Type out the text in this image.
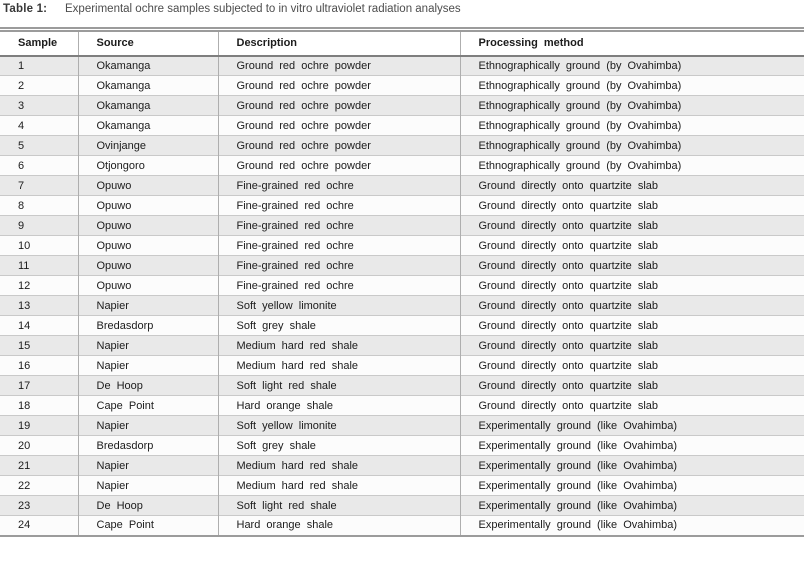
Table 1:	Experimental ochre samples subjected to in vitro ultraviolet radiation analyses
Sample	Source	Description	Processing method
1	Okamanga	Ground red ochre powder	Ethnographically ground (by Ovahimba)
2	Okamanga	Ground red ochre powder	Ethnographically ground (by Ovahimba)
3	Okamanga	Ground red ochre powder	Ethnographically ground (by Ovahimba)
4	Okamanga	Ground red ochre powder	Ethnographically ground (by Ovahimba)
5	Ovinjange	Ground red ochre powder	Ethnographically ground (by Ovahimba)
6	Otjongoro	Ground red ochre powder	Ethnographically ground (by Ovahimba)
7	Opuwo	Fine-grained red ochre	Ground directly onto quartzite slab
8	Opuwo	Fine-grained red ochre	Ground directly onto quartzite slab
9	Opuwo	Fine-grained red ochre	Ground directly onto quartzite slab
10	Opuwo	Fine-grained red ochre	Ground directly onto quartzite slab
11	Opuwo	Fine-grained red ochre	Ground directly onto quartzite slab
12	Opuwo	Fine-grained red ochre	Ground directly onto quartzite slab
13	Napier	Soft yellow limonite	Ground directly onto quartzite slab
14	Bredasdorp	Soft grey shale	Ground directly onto quartzite slab
15	Napier	Medium hard red shale	Ground directly onto quartzite slab
16	Napier	Medium hard red shale	Ground directly onto quartzite slab
17	De Hoop	Soft light red shale	Ground directly onto quartzite slab
18	Cape Point	Hard orange shale	Ground directly onto quartzite slab
19	Napier	Soft yellow limonite	Experimentally ground (like Ovahimba)
20	Bredasdorp	Soft grey shale	Experimentally ground (like Ovahimba)
21	Napier	Medium hard red shale	Experimentally ground (like Ovahimba)
22	Napier	Medium hard red shale	Experimentally ground (like Ovahimba)
23	De Hoop	Soft light red shale	Experimentally ground (like Ovahimba)
24	Cape Point	Hard orange shale	Experimentally ground (like Ovahimba)
